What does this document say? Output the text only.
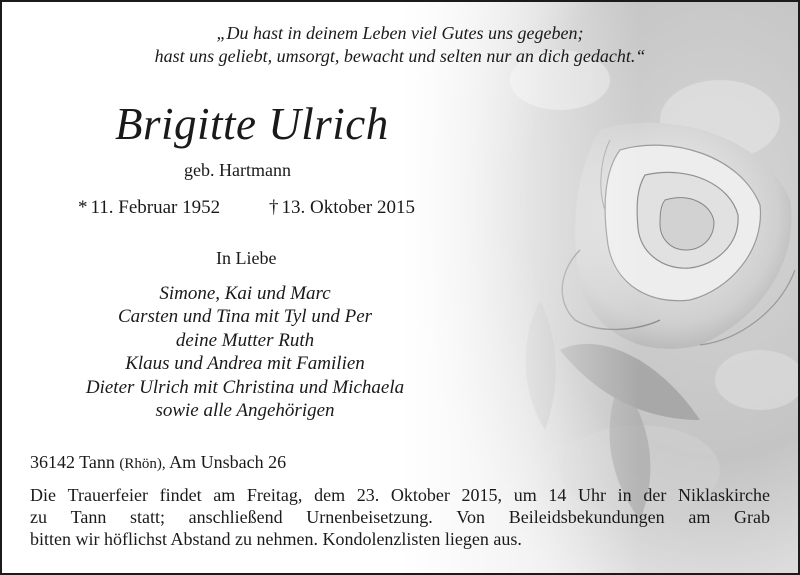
„Du hast in deinem Leben viel Gutes uns gegeben;
hast uns geliebt, umsorgt, bewacht und selten nur an dich gedacht.“
Brigitte Ulrich
geb. Hartmann
* 11. Februar 1952	† 13. Oktober 2015
In Liebe
Simone, Kai und Marc
Carsten und Tina mit Tyl und Per
deine Mutter Ruth
Klaus und Andrea mit Familien
Dieter Ulrich mit Christina und Michaela
sowie alle Angehörigen
36142 Tann (Rhön), Am Unsbach 26
Die Trauerfeier findet am Freitag, dem 23. Oktober 2015, um 14 Uhr in der Niklaskirche
zu Tann statt; anschließend Urnenbeisetzung. Von Beileidsbekundungen am Grab
bitten wir höflichst Abstand zu nehmen. Kondolenzlisten liegen aus.
